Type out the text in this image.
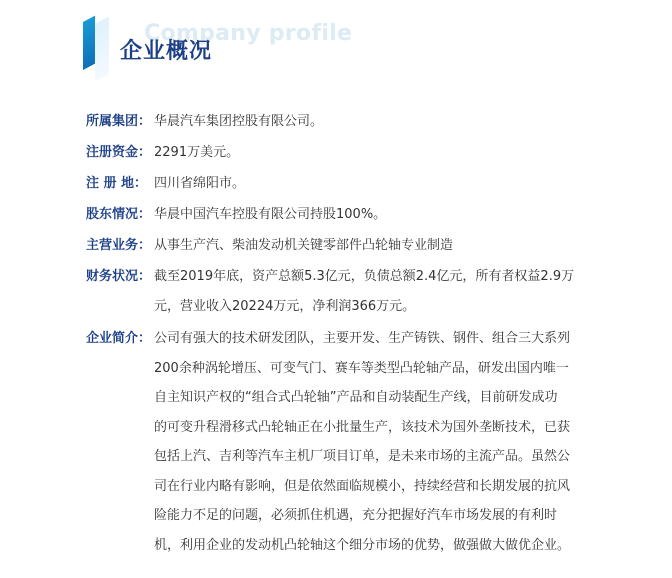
Company profile
企业概况
所属集团： 华晨汽车集团控股有限公司。
注册资金： 2291万美元。
注 册 地： 四川省绵阳市。
股东情况： 华晨中国汽车控股有限公司持股100%。
主营业务： 从事生产汽、柴油发动机关键零部件凸轮轴专业制造
财务状况： 截至2019年底，资产总额5.3亿元，负债总额2.4亿元，所有者权益2.9万
元，营业收入20224万元，净利润366万元。
企业简介： 公司有强大的技术研发团队，主要开发、生产铸铁、钢件、组合三大系列
200余种涡轮增压、可变气门、赛车等类型凸轮轴产品，研发出国内唯一
自主知识产权的“组合式凸轮轴”产品和自动装配生产线，目前研发成功
的可变升程滑移式凸轮轴正在小批量生产，该技术为国外垄断技术，已获
包括上汽、吉利等汽车主机厂项目订单，是未来市场的主流产品。虽然公
司在行业内略有影响，但是依然面临规模小，持续经营和长期发展的抗风
险能力不足的问题，必须抓住机遇，充分把握好汽车市场发展的有利时
机，利用企业的发动机凸轮轴这个细分市场的优势，做强做大做优企业。
